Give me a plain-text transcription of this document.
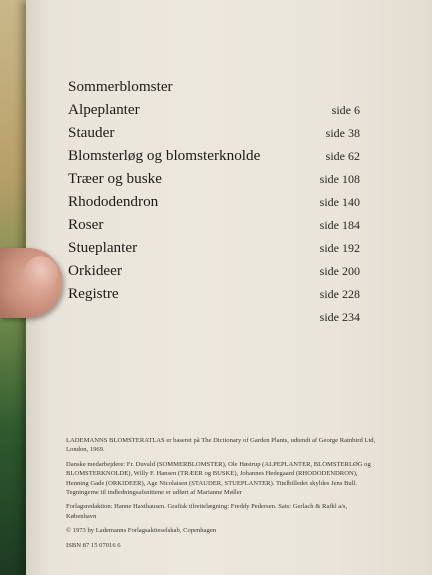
Sommerblomster
Alpeplanter	side 6
Stauder	side 38
Blomsterløg og blomsterknolde	side 62
Træer og buske	side 108
Rhododendron	side 140
Roser	side 184
Stueplanter	side 192
Orkideer	side 200
Registre	side 228
side 234

LADEMANNS BLOMSTERATLAS er baseret på The Dictionary of Garden Plants, udtendt af George Rainbird Ltd, London, 1969.

Danske medarbejdere: Fr. Duvald (SOMMERBLOMSTER), Ole Høstrup (ALPEPLANTER, BLOMSTERLØG og BLOMSTERKNOLDE), Willy F. Hansen (TRÆER og BUSKE), Johannes Hedegaard (RHODODENDRON), Henning Gade (ORKIDEER), Age Nicolaisen (STAUDER, STUEPLANTER). Titelbilledet skyldes Jens Bull. Tegningerne til indledningsafsnittene er udført af Marianne Møller

Forlagsredaktion: Hanne Haxthausen. Grafisk tilrettelægning: Freddy Pedersen. Sats: Gerlach & Rafkl a/s, København

© 1973 by Lademanns Forlagsaktieselskab, Copenhagen

ISBN 87 15 07016 6
